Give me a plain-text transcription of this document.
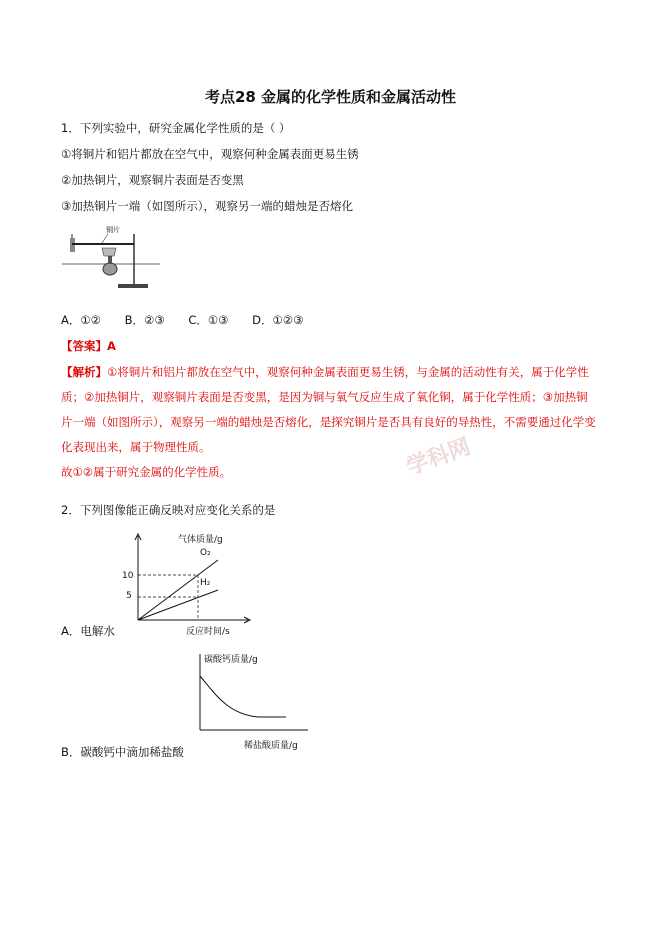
考点28 金属的化学性质和金属活动性
1．下列实验中，研究金属化学性质的是（ ）
①将铜片和铝片都放在空气中，观察何种金属表面更易生锈
②加热铜片，观察铜片表面是否变黑
③加热铜片一端（如图所示），观察另一端的蜡烛是否熔化
铜片
A．①② B．②③ C．①③ D．①②③
【答案】A
【解析】①将铜片和铝片都放在空气中，观察何种金属表面更易生锈，与金属的活动性有关，属于化学性
质；②加热铜片，观察铜片表面是否变黑，是因为铜与氧气反应生成了氧化铜，属于化学性质；③加热铜
片一端（如图所示），观察另一端的蜡烛是否熔化，是探究铜片是否具有良好的导热性，不需要通过化学变
化表现出来，属于物理性质。
故①②属于研究金属的化学性质。	学科网
2．下列图像能正确反映对应变化关系的是
气体质量/g
反应时间/s
10
5
O₂
H₂
A．电解水
碳酸钙质量/g
稀盐酸质量/g
B．碳酸钙中滴加稀盐酸
